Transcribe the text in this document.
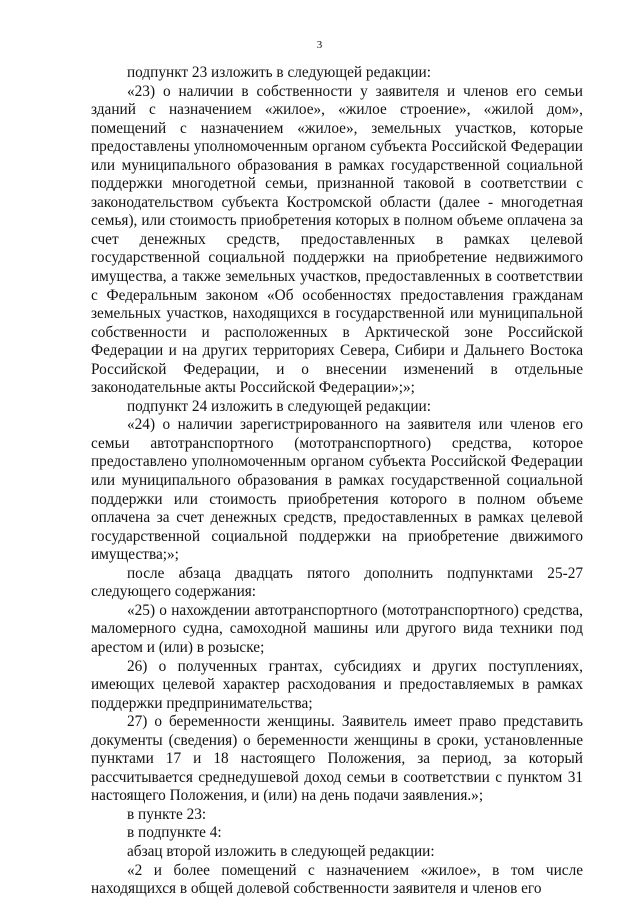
3

подпункт 23 изложить в следующей редакции:

«23) о наличии в собственности у заявителя и членов его семьи зданий с назначением «жилое», «жилое строение», «жилой дом», помещений с назначением «жилое», земельных участков, которые предоставлены уполномоченным органом субъекта Российской Федерации или муниципального образования в рамках государственной социальной поддержки многодетной семьи, признанной таковой в соответствии с законодательством субъекта Костромской области (далее - многодетная семья), или стоимость приобретения которых в полном объеме оплачена за счет денежных средств, предоставленных в рамках целевой государственной социальной поддержки на приобретение недвижимого имущества, а также земельных участков, предоставленных в соответствии с Федеральным законом «Об особенностях предоставления гражданам земельных участков, находящихся в государственной или муниципальной собственности и расположенных в Арктической зоне Российской Федерации и на других территориях Севера, Сибири и Дальнего Востока Российской Федерации, и о внесении изменений в отдельные законодательные акты Российской Федерации»;»;

подпункт 24 изложить в следующей редакции:

«24) о наличии зарегистрированного на заявителя или членов его семьи автотранспортного (мототранспортного) средства, которое предоставлено уполномоченным органом субъекта Российской Федерации или муниципального образования в рамках государственной социальной поддержки или стоимость приобретения которого в полном объеме оплачена за счет денежных средств, предоставленных в рамках целевой государственной социальной поддержки на приобретение движимого имущества;»;

после абзаца двадцать пятого дополнить подпунктами 25-27 следующего содержания:

«25) о нахождении автотранспортного (мототранспортного) средства, маломерного судна, самоходной машины или другого вида техники под арестом и (или) в розыске;

26) о полученных грантах, субсидиях и других поступлениях, имеющих целевой характер расходования и предоставляемых в рамках поддержки предпринимательства;

27) о беременности женщины. Заявитель имеет право представить документы (сведения) о беременности женщины в сроки, установленные пунктами 17 и 18 настоящего Положения, за период, за который рассчитывается среднедушевой доход семьи в соответствии с пунктом 31 настоящего Положения, и (или) на день подачи заявления.»;

в пункте 23:

в подпункте 4:

абзац второй изложить в следующей редакции:

«2 и более помещений с назначением «жилое», в том числе находящихся в общей долевой собственности заявителя и членов его
